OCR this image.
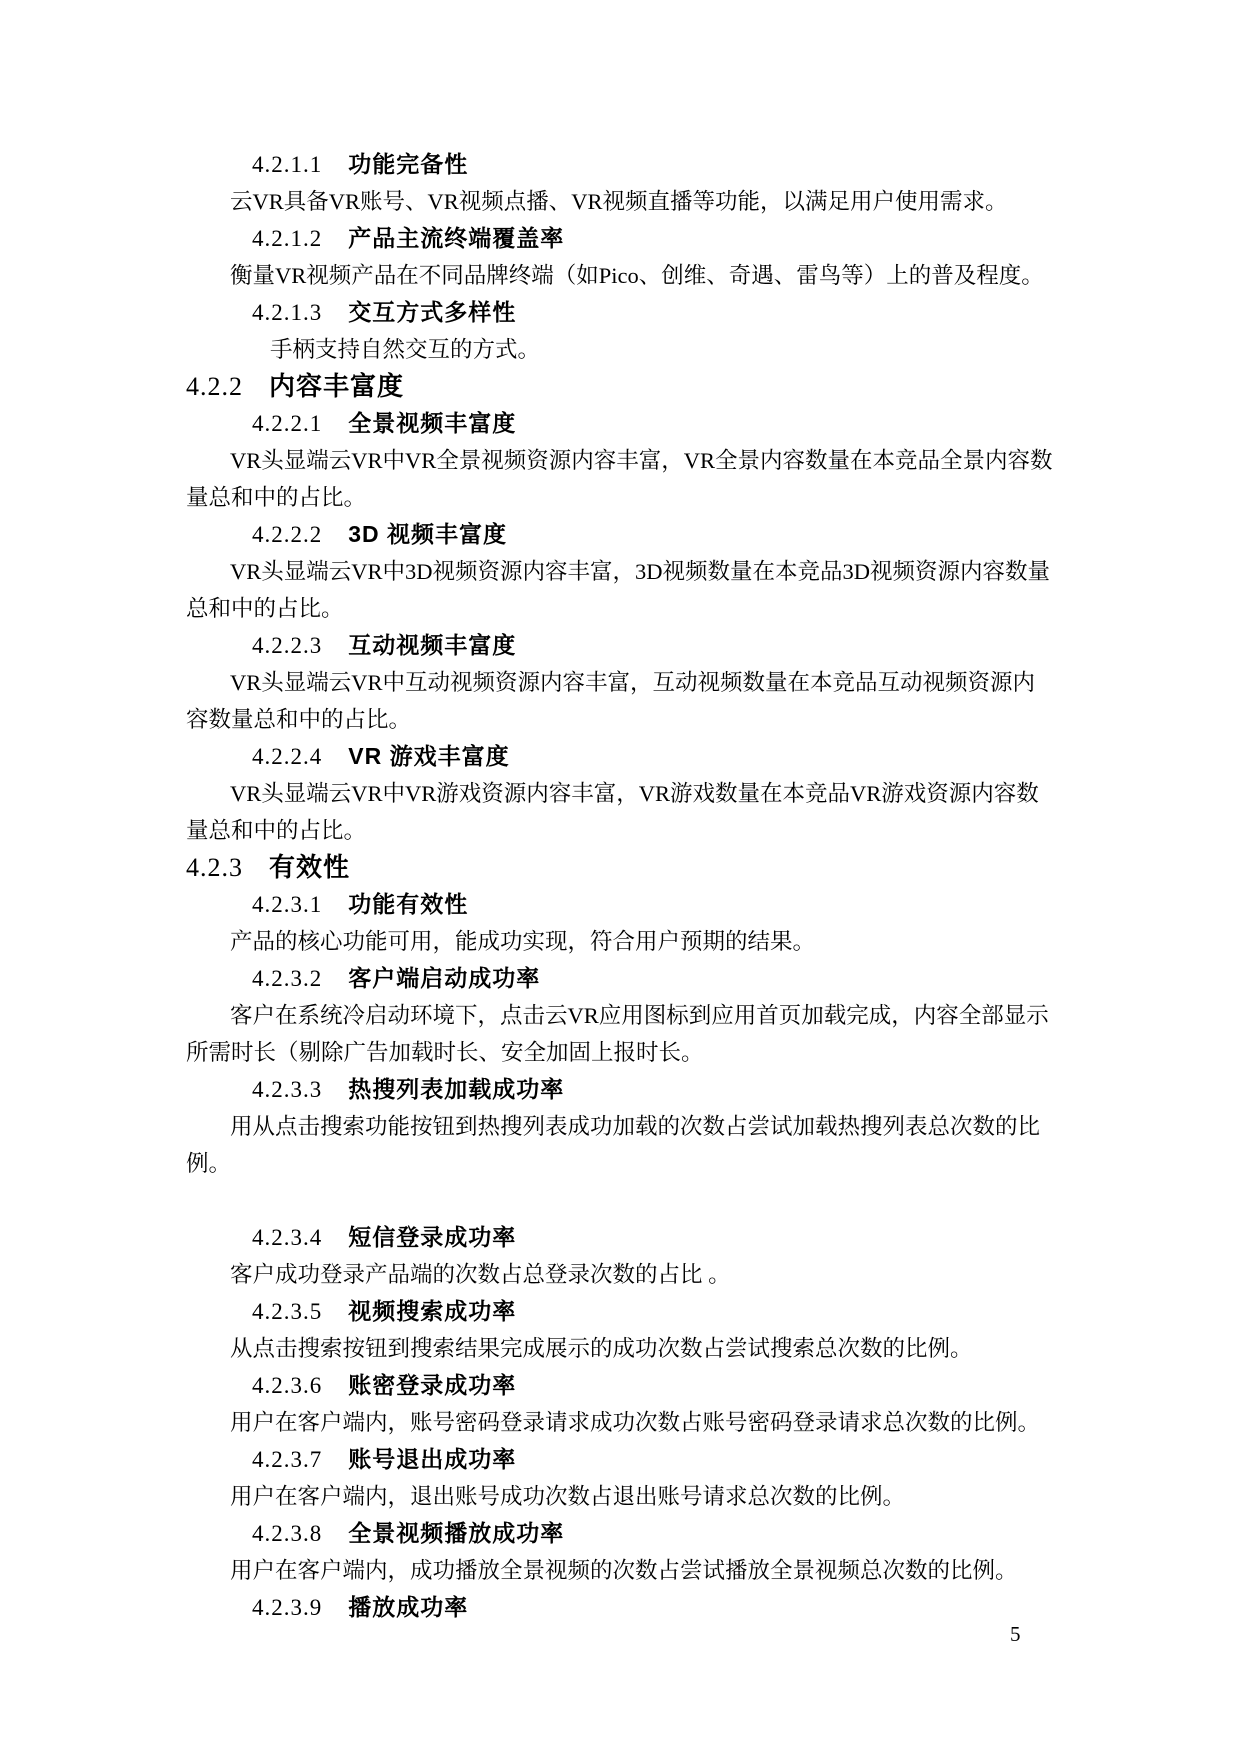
4.2.1.1 功能完备性

云VR具备VR账号、VR视频点播、VR视频直播等功能，以满足用户使用需求。

4.2.1.2 产品主流终端覆盖率

衡量VR视频产品在不同品牌终端（如Pico、创维、奇遇、雷鸟等）上的普及程度。

4.2.1.3 交互方式多样性

手柄支持自然交互的方式。

4.2.2 内容丰富度
4.2.2.1 全景视频丰富度

VR头显端云VR中VR全景视频资源内容丰富，VR全景内容数量在本竞品全景内容数量总和中的占比。

4.2.2.2 3D 视频丰富度

VR头显端云VR中3D视频资源内容丰富，3D视频数量在本竞品3D视频资源内容数量总和中的占比。

4.2.2.3 互动视频丰富度

VR头显端云VR中互动视频资源内容丰富，互动视频数量在本竞品互动视频资源内容数量总和中的占比。

4.2.2.4 VR 游戏丰富度

VR头显端云VR中VR游戏资源内容丰富，VR游戏数量在本竞品VR游戏资源内容数量总和中的占比。

4.2.3 有效性
4.2.3.1 功能有效性

产品的核心功能可用，能成功实现，符合用户预期的结果。

4.2.3.2 客户端启动成功率

客户在系统冷启动环境下，点击云VR应用图标到应用首页加载完成，内容全部显示所需时长（剔除广告加载时长、安全加固上报时长。

4.2.3.3 热搜列表加载成功率

用从点击搜索功能按钮到热搜列表成功加载的次数占尝试加载热搜列表总次数的比例。

4.2.3.4 短信登录成功率

客户成功登录产品端的次数占总登录次数的占比 。

4.2.3.5 视频搜索成功率

从点击搜索按钮到搜索结果完成展示的成功次数占尝试搜索总次数的比例。

4.2.3.6 账密登录成功率

用户在客户端内，账号密码登录请求成功次数占账号密码登录请求总次数的比例。

4.2.3.7 账号退出成功率

用户在客户端内，退出账号成功次数占退出账号请求总次数的比例。

4.2.3.8 全景视频播放成功率

用户在客户端内，成功播放全景视频的次数占尝试播放全景视频总次数的比例。

4.2.3.9 播放成功率
5
